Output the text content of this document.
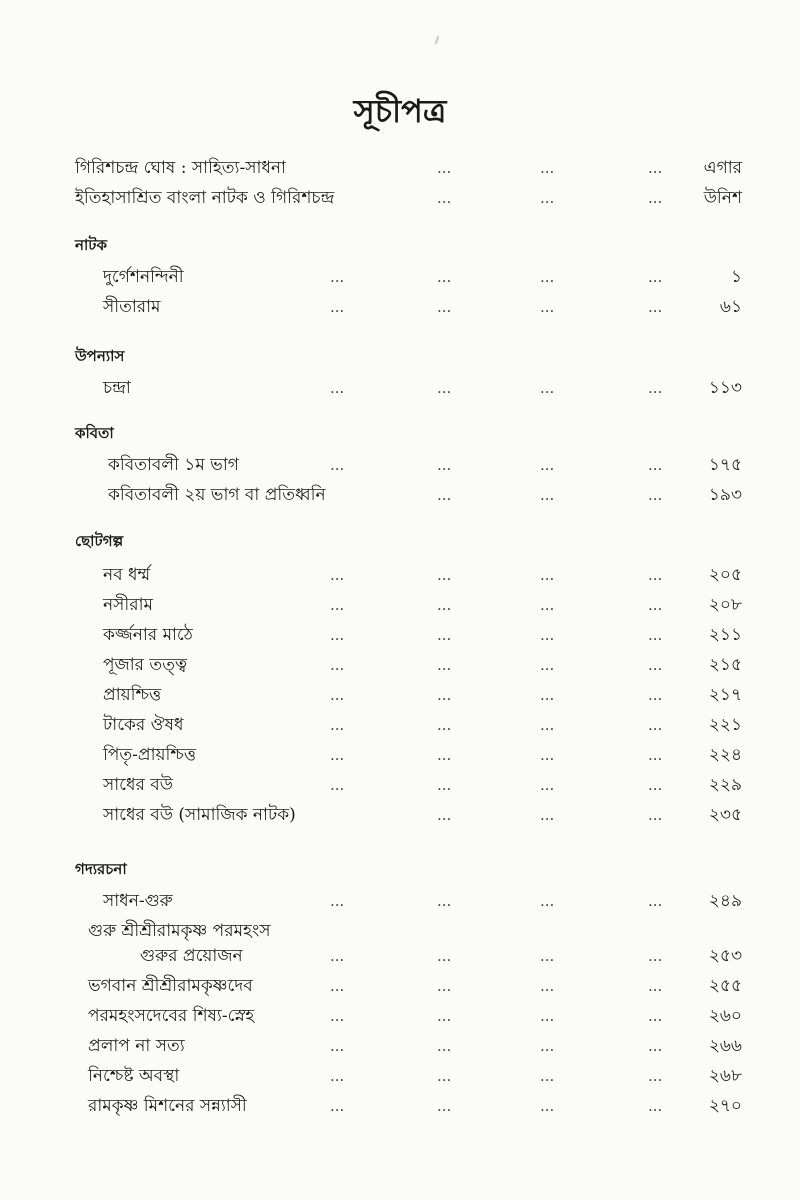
সূচীপত্র
গিরিশচন্দ্র ঘোষ : সাহিত্য-সাধনা	...	...	... এগার
ইতিহাসাশ্রিত বাংলা নাটক ও গিরিশচন্দ্র	...	...	... উনিশ
নাটক
দুর্গেশনন্দিনী	...	...	...	...	১
সীতারাম	...	...	...	...	৬১
উপন্যাস
চন্দ্রা	...	...	...	...	১১৩
কবিতা
কবিতাবলী ১ম ভাগ	...	...	...	...	১৭৫
কবিতাবলী ২য় ভাগ বা প্রতিধ্বনি	...	...	...	১৯৩
ছোটগল্প
নব ধর্ম্ম	...	...	...	...	২০৫
নসীরাম	...	...	...	...	২০৮
কর্জ্জনার মাঠে	...	...	...	...	২১১
পূজার তত্ত্ব	...	...	...	...	২১৫
প্রায়শ্চিত্ত	...	...	...	...	২১৭
টাকের ঔষধ	...	...	...	...	২২১
পিতৃ-প্রায়শ্চিত্ত	...	...	...	...	২২৪
সাধের বউ	...	...	...	...	২২৯
সাধের বউ (সামাজিক নাটক)	...	...	...	২৩৫
গদ্যরচনা
সাধন-গুরু	...	...	...	...	২৪৯
গুরু শ্রীশ্রীরামকৃষ্ণ পরমহংস
গুরুর প্রয়োজন	...	...	...	...	২৫৩
ভগবান শ্রীশ্রীরামকৃষ্ণদেব	...	...	...	...	২৫৫
পরমহংসদেবের শিষ্য-স্নেহ	...	...	...	...	২৬০
প্রলাপ না সত্য	...	...	...	...	২৬৬
নিশ্চেষ্ট অবস্থা	...	...	...	...	২৬৮
রামকৃষ্ণ মিশনের সন্ন্যাসী	...	...	...	...	২৭০
